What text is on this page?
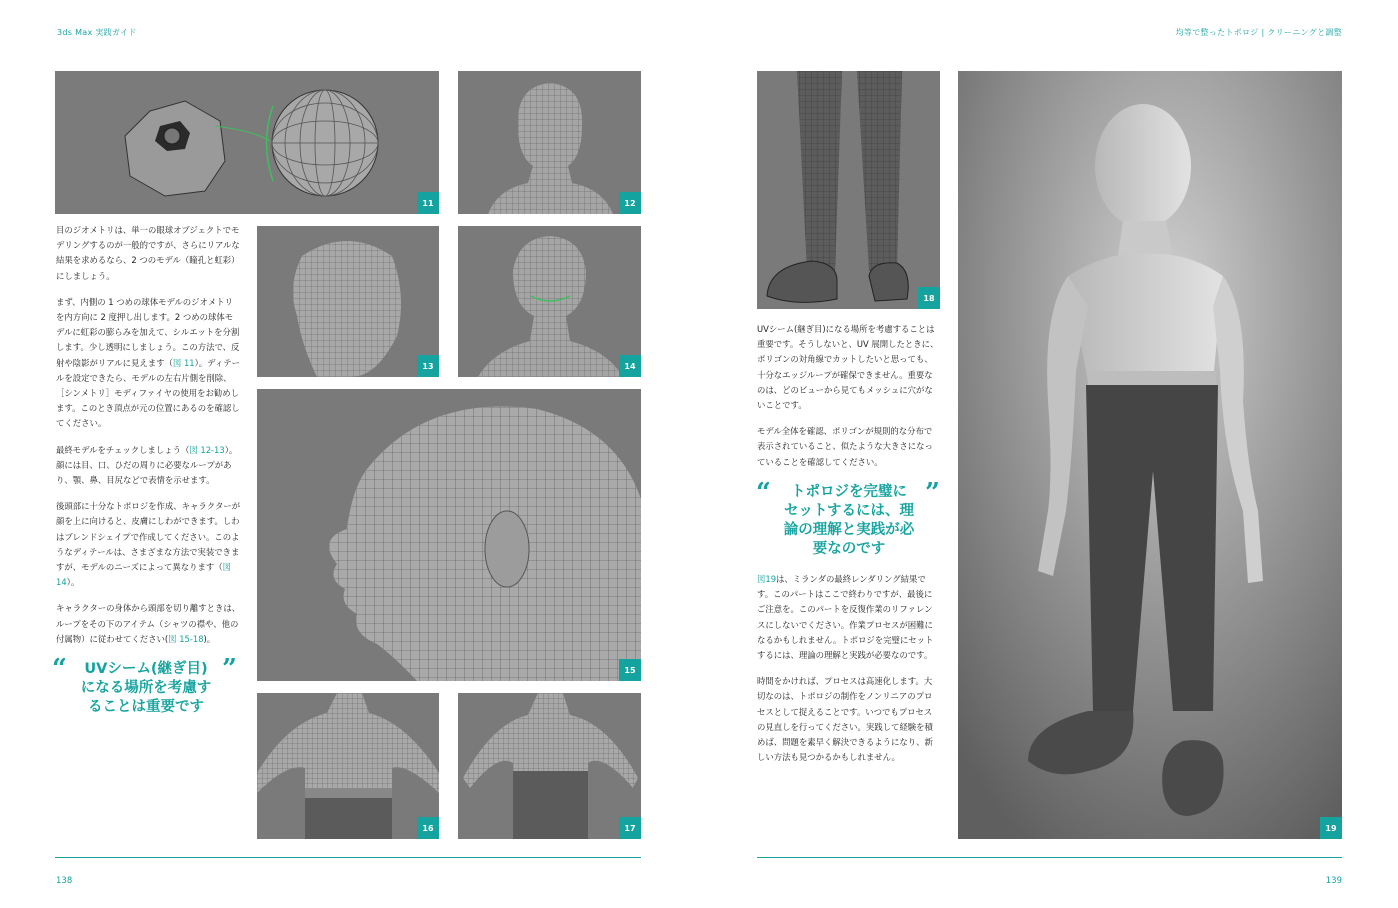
3ds Max 実践ガイド	均等で整ったトポロジ | クリーニングと調整
11	12
13	14
15
16	17

目のジオメトリは、単一の眼球オブジェクトでモデリングするのが一般的ですが、さらにリアルな結果を求めるなら、2 つのモデル（瞳孔と虹彩）にしましょう。

まず、内側の 1 つめの球体モデルのジオメトリを内方向に 2 度押し出します。2 つめの球体モデルに虹彩の膨らみを加えて、シルエットを分割します。少し透明にしましょう。この方法で、反射や陰影がリアルに見えます（図 11）。ディテールを設定できたら、モデルの左右片側を削除、［シンメトリ］モディファイヤの使用をお勧めします。このとき頂点が元の位置にあるのを確認してください。

最終モデルをチェックしましょう（図 12-13）。顔には目、口、ひだの周りに必要なループがあり、顎、鼻、目尻などで表情を示せます。

後頭部に十分なトポロジを作成、キャラクターが顔を上に向けると、皮膚にしわができます。しわはブレンドシェイプで作成してください。このようなディテールは、さまざまな方法で実装できますが、モデルのニーズによって異なります（図 14）。

キャラクターの身体から頭部を切り離すときは、ループをその下のアイテム（シャツの襟や、他の付属物）に従わせてください(図 15-18)。

“	”
UVシーム(継ぎ目)
になる場所を考慮す
ることは重要です
18
19

UVシーム(継ぎ目)になる場所を考慮することは重要です。そうしないと、UV 展開したときに、ポリゴンの対角線でカットしたいと思っても、十分なエッジループが確保できません。重要なのは、どのビューから見てもメッシュに穴がないことです。

モデル全体を確認、ポリゴンが規則的な分布で表示されていること、似たような大きさになっていることを確認してください。

“	”
トポロジを完璧に
セットするには、理
論の理解と実践が必
要なのです

図19は、ミランダの最終レンダリング結果です。このパートはここで終わりですが、最後にご注意を。このパートを反復作業のリファレンスにしないでください。作業プロセスが困難になるかもしれません。トポロジを完璧にセットするには、理論の理解と実践が必要なのです。

時間をかければ、プロセスは高速化します。大切なのは、トポロジの制作をノンリニアのプロセスとして捉えることです。いつでもプロセスの見直しを行ってください。実践して経験を積めば、問題を素早く解決できるようになり、新しい方法も見つかるかもしれません。

138	139
